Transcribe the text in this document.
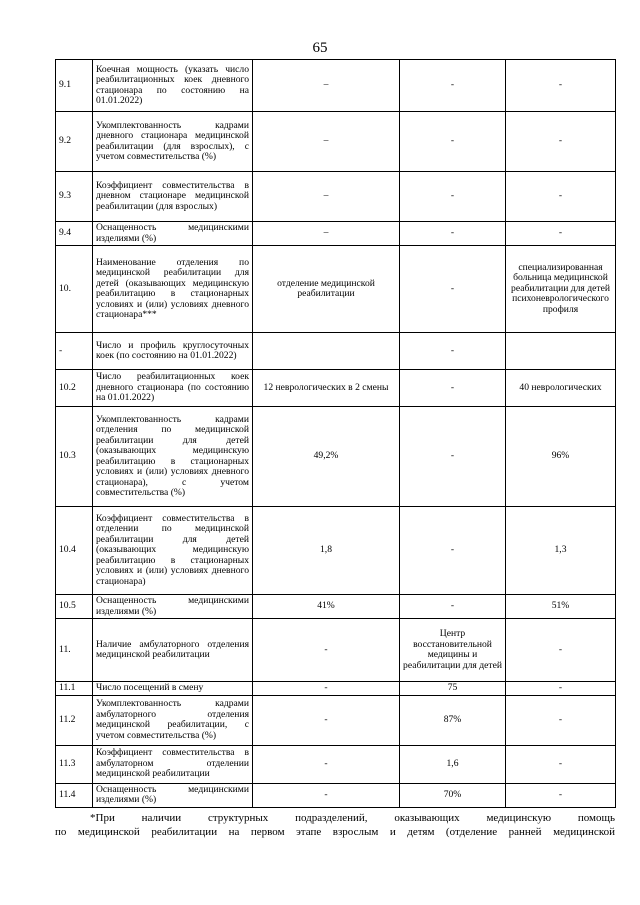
65
9.1	Коечная мощность (указать число реабилитационных коек дневного стационара по состоянию на 01.01.2022)	–	-	-
9.2	Укомплектованность кадрами дневного стационара медицинской реабилитации (для взрослых), с учетом совместительства (%)	–	-	-
9.3	Коэффициент совместительства в дневном стационаре медицинской реабилитации (для взрослых)	–	-	-
9.4	Оснащенность медицинскими изделиями (%)	–	-	-
10.	Наименование отделения по медицинской реабилитации для детей (оказывающих медицинскую реабилитацию в стационарных условиях и (или) условиях дневного стационара***	отделение медицинской реабилитации	-	специализированная больница медицинской реабилитации для детей психоневрологического профиля
-	Число и профиль круглосуточных коек (по состоянию на 01.01.2022)		-	
10.2	Число реабилитационных коек дневного стационара (по состоянию на 01.01.2022)	12 неврологических в 2 смены	-	40 неврологических
10.3	Укомплектованность кадрами отделения по медицинской реабилитации для детей (оказывающих медицинскую реабилитацию в стационарных условиях и (или) условиях дневного стационара), с учетом совместительства (%)	49,2%	-	96%
10.4	Коэффициент совместительства в отделении по медицинской реабилитации для детей (оказывающих медицинскую реабилитацию в стационарных условиях и (или) условиях дневного стационара)	1,8	-	1,3
10.5	Оснащенность медицинскими изделиями (%)	41%	-	51%
11.	Наличие амбулаторного отделения медицинской реабилитации	-	Центр восстановительной медицины и реабилитации для детей	-
11.1	Число посещений в смену	-	75	-
11.2	Укомплектованность кадрами амбулаторного отделения медицинской реабилитации, с учетом совместительства (%)	-	87%	-
11.3	Коэффициент совместительства в амбулаторном отделении медицинской реабилитации	-	1,6	-
11.4	Оснащенность медицинскими изделиями (%)	-	70%	-
*При наличии структурных подразделений, оказывающих медицинскую помощь
по медицинской реабилитации на первом этапе взрослым и детям (отделение ранней медицинской
